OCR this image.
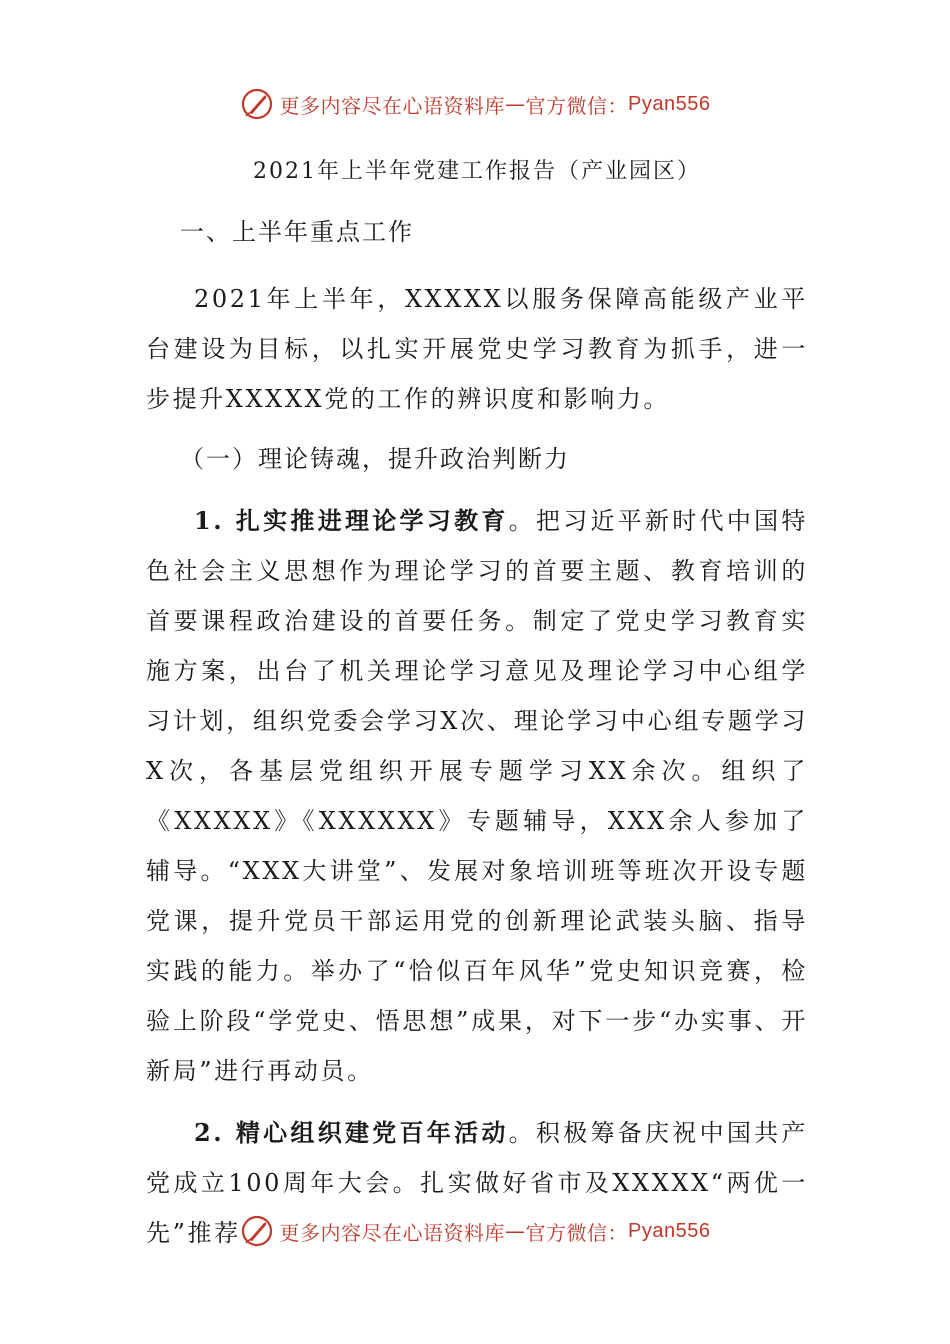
更多内容尽在心语资料库 — 官方微信： Pyan556

2021年上半年党建工作报告（产业园区）

一、上半年重点工作

2021年上半年，XXXXX以服务保障高能级产业平台建设为目标，以扎实开展党史学习教育为抓手，进一步提升XXXXX党的工作的辨识度和影响力。

（一）理论铸魂，提升政治判断力

1. 扎实推进理论学习教育。把习近平新时代中国特色社会主义思想作为理论学习的首要主题、教育培训的首要课程政治建设的首要任务。制定了党史学习教育实施方案，出台了机关理论学习意见及理论学习中心组学习计划，组织党委会学习X次、理论学习中心组专题学习X次，各基层党组织开展专题学习XX余次。组织了《XXXXX》《XXXXXX》专题辅导，XXX余人参加了辅导。“XXX大讲堂”、发展对象培训班等班次开设专题党课，提升党员干部运用党的创新理论武装头脑、指导实践的能力。举办了“恰似百年风华”党史知识竞赛，检验上阶段“学党史、悟思想”成果，对下一步“办实事、开新局”进行再动员。

2. 精心组织建党百年活动。积极筹备庆祝中国共产党成立100周年大会。扎实做好省市及XXXXX“两优一先”推荐	更多内容尽在心语资料库 — 官方微信： Pyan556
